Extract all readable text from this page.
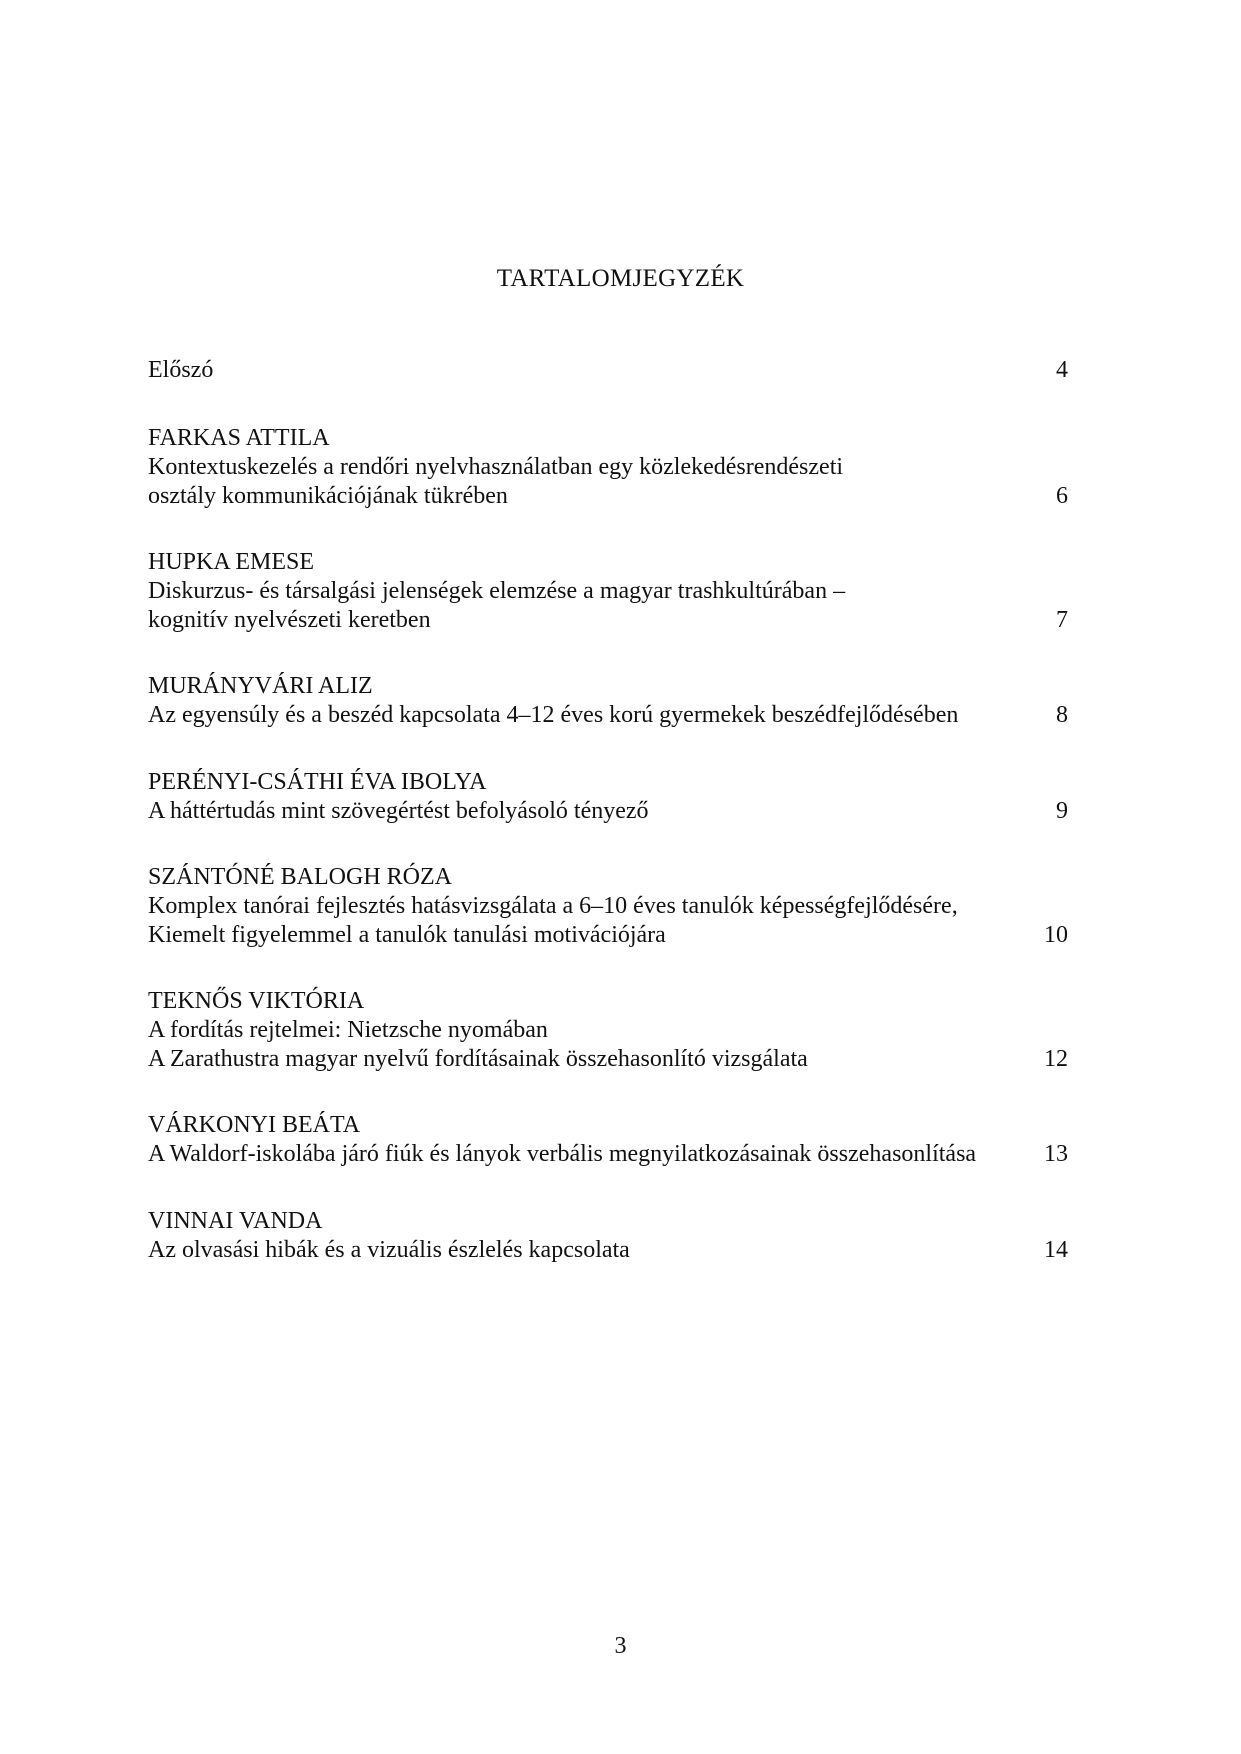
TARTALOMJEGYZÉK
Előszó	4
FARKAS ATTILA
Kontextuskezelés a rendőri nyelvhasználatban egy közlekedésrendészeti
osztály kommunikációjának tükrében	6
HUPKA EMESE
Diskurzus- és társalgási jelenségek elemzése a magyar trashkultúrában –
kognitív nyelvészeti keretben	7
MURÁNYVÁRI ALIZ
Az egyensúly és a beszéd kapcsolata 4–12 éves korú gyermekek beszédfejlődésében	8
PERÉNYI-CSÁTHI ÉVA IBOLYA
A háttértudás mint szövegértést befolyásoló tényező	9
SZÁNTÓNÉ BALOGH RÓZA
Komplex tanórai fejlesztés hatásvizsgálata a 6–10 éves tanulók képességfejlődésére,
Kiemelt figyelemmel a tanulók tanulási motivációjára	10
TEKNŐS VIKTÓRIA
A fordítás rejtelmei: Nietzsche nyomában
A Zarathustra magyar nyelvű fordításainak összehasonlító vizsgálata	12
VÁRKONYI BEÁTA
A Waldorf-iskolába járó fiúk és lányok verbális megnyilatkozásainak összehasonlítása	13
VINNAI VANDA
Az olvasási hibák és a vizuális észlelés kapcsolata	14
3
